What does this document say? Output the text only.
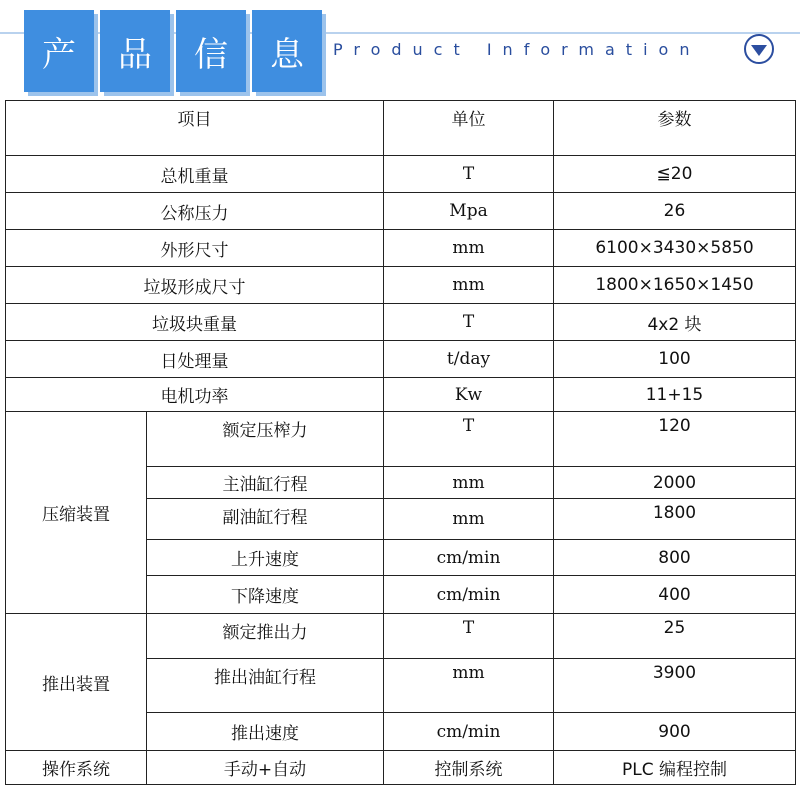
产 品 信 息 Product Information
项目		单位	参数
总机重量		T	≦20
公称压力		Mpa	26
外形尺寸		mm	6100×3430×5850
垃圾形成尺寸		mm	1800×1650×1450
垃圾块重量		T	4x2 块
日处理量		t/day	100
电机功率		Kw	11+15
压缩装置	额定压榨力	T	120
	主油缸行程	mm	2000
	副油缸行程	mm	1800
	上升速度	cm/min	800
	下降速度	cm/min	400
推出装置	额定推出力	T	25
	推出油缸行程	mm	3900
	推出速度	cm/min	900
操作系统	手动+自动	控制系统	PLC 编程控制
